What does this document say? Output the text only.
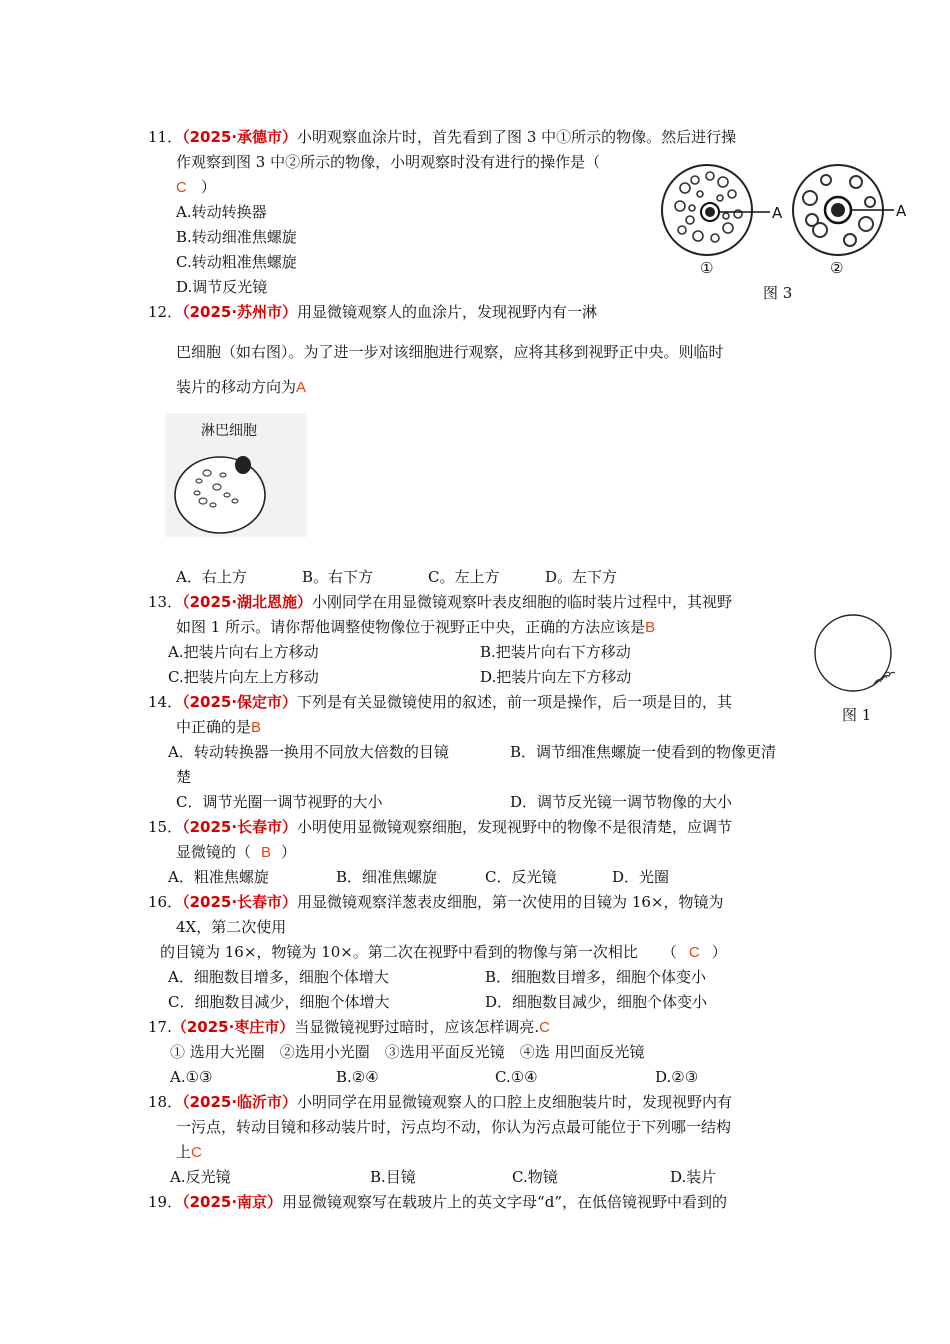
11．（2025·承德市）小明观察血涂片时，首先看到了图 3 中①所示的物像。然后进行操
作观察到图 3 中②所示的物像，小明观察时没有进行的操作是（
C ）
A.转动转换器
B.转动细准焦螺旋
C.转动粗准焦螺旋
D.调节反光镜
A
①
A
②
图 3
12．（2025·苏州市）用显微镜观察人的血涂片，发现视野内有一淋
巴细胞（如右图）。为了进一步对该细胞进行观察，应将其移到视野正中央。则临时
装片的移动方向为A
淋巴细胞
A．右上方	B。右下方	C。左上方	D。左下方
13．（2025·湖北恩施）小刚同学在用显微镜观察叶表皮细胞的临时装片过程中，其视野
如图 1 所示。请你帮他调整使物像位于视野正中央，正确的方法应该是B
A.把装片向右上方移动	B.把装片向右下方移动
C.把装片向左上方移动	D.把装片向左下方移动
图 1
14．（2025·保定市）下列是有关显微镜使用的叙述，前一项是操作，后一项是目的，其
中正确的是B
A．转动转换器一换用不同放大倍数的目镜	B．调节细准焦螺旋一使看到的物像更清
楚
C．调节光圈一调节视野的大小	D．调节反光镜一调节物像的大小
15．（2025·长春市）小明使用显微镜观察细胞，发现视野中的物像不是很清楚，应调节
显微镜的（ B ）
A．粗准焦螺旋	B．细准焦螺旋	C．反光镜	D．光圈
16．（2025·长春市）用显微镜观察洋葱表皮细胞，第一次使用的目镜为 16×，物镜为
4X，第二次使用
的目镜为 16×，物镜为 10×。第二次在视野中看到的物像与第一次相比 （ C ）
A．细胞数目增多，细胞个体增大	B．细胞数目增多，细胞个体变小
C．细胞数目减少，细胞个体增大	D．细胞数目减少，细胞个体变小
17.（2025·枣庄市）当显微镜视野过暗时，应该怎样调亮.C
① 选用大光圈　②选用小光圈　③选用平面反光镜　④选 用凹面反光镜
A.①③	B.②④	C.①④	D.②③
18．（2025·临沂市）小明同学在用显微镜观察人的口腔上皮细胞装片时，发现视野内有
一污点，转动目镜和移动装片时，污点均不动，你认为污点最可能位于下列哪一结构
上C
A.反光镜	B.目镜	C.物镜	D.装片
19．（2025·南京）用显微镜观察写在载玻片上的英文字母“d”，在低倍镜视野中看到的
